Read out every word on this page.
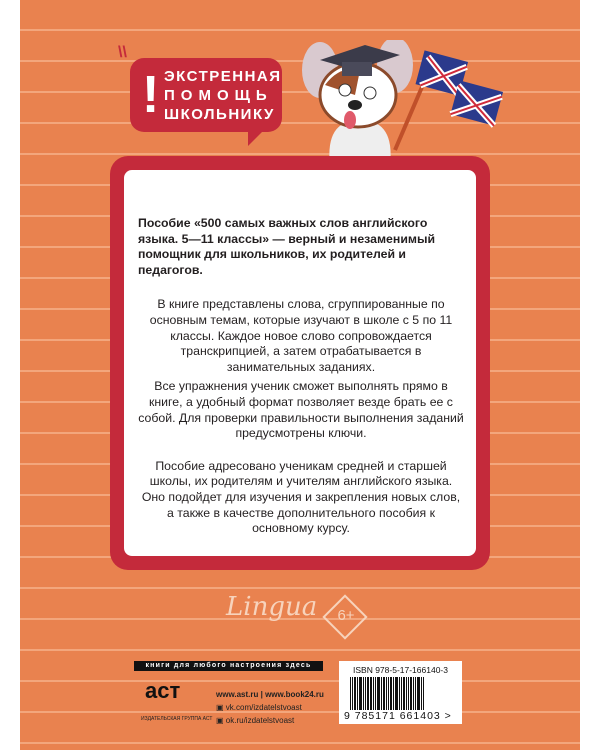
\\
! ЭКСТРЕННАЯ
ПОМОЩЬ
ШКОЛЬНИКУ

Пособие «500 самых важных слов английского языка. 5—11 классы» — верный и незаменимый помощник для школьников, их родителей и педагогов.

В книге представлены слова, сгруппированные по основным темам, которые изучают в школе с 5 по 11 классы. Каждое новое слово сопровождается транскрипцией, а затем отрабатывается в занимательных заданиях.

Все упражнения ученик сможет выполнять прямо в книге, а удобный формат позволяет везде брать ее с собой. Для проверки правильности выполнения заданий предусмотрены ключи.

Пособие адресовано ученикам средней и старшей школы, их родителям и учителям английского языка. Оно подойдет для изучения и закрепления новых слов, а также в качестве дополнительного пособия к основному курсу.

Lingua	6+
книги для любого настроения здесь
аст
ИЗДАТЕЛЬСКАЯ ГРУППА АСТ
www.ast.ru | www.book24.ru
▣ vk.com/izdatelstvoast
▣ ok.ru/izdatelstvoast
ISBN 978-5-17-166140-3
9 785171 661403 >
